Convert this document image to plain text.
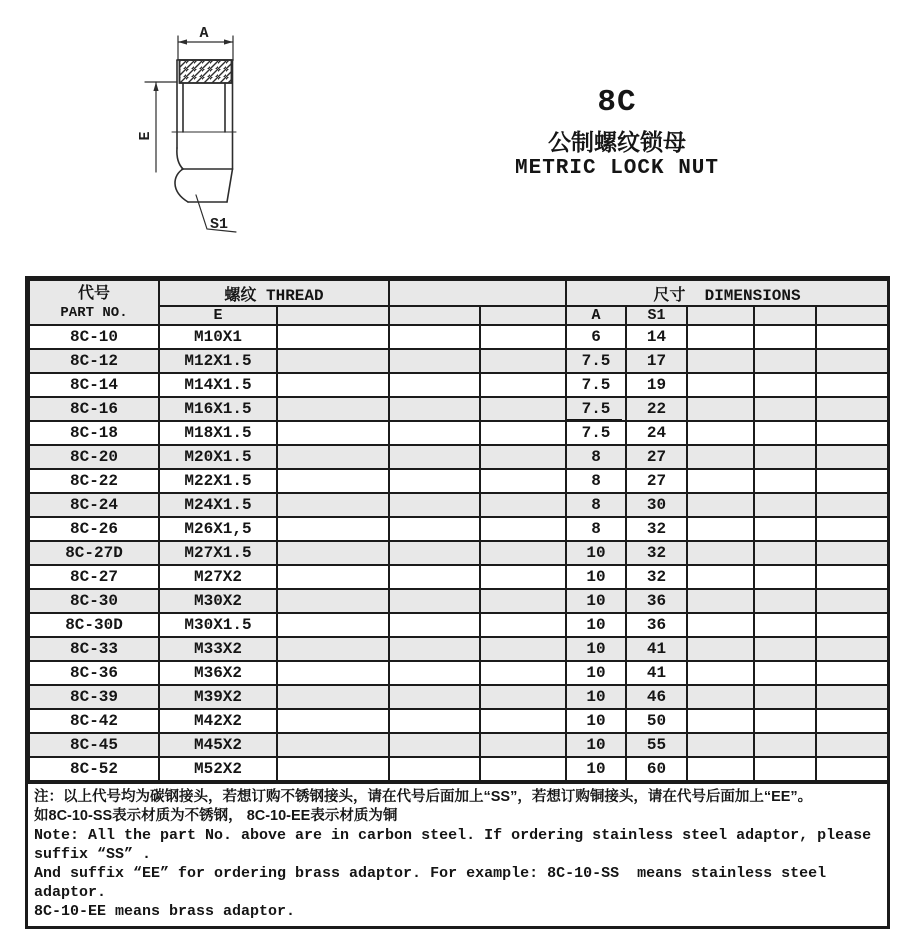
A
E
S1
8C
公制螺纹锁母
METRIC LOCK NUT
代号
PART NO.	螺纹 THREAD				尺寸  DIMENSIONS				
	E				A	S1			
8C-10	M10X1				6	14			
8C-12	M12X1.5				7.5	17			
8C-14	M14X1.5				7.5	19			
8C-16	M16X1.5				7.5	22			
8C-18	M18X1.5				7.5	24			
8C-20	M20X1.5				8	27			
8C-22	M22X1.5				8	27			
8C-24	M24X1.5				8	30			
8C-26	M26X1,5				8	32			
8C-27D	M27X1.5				10	32			
8C-27	M27X2				10	32			
8C-30	M30X2				10	36			
8C-30D	M30X1.5				10	36			
8C-33	M33X2				10	41			
8C-36	M36X2				10	41			
8C-39	M39X2				10	46			
8C-42	M42X2				10	50			
8C-45	M45X2				10	55			
8C-52	M52X2				10	60			
注：以上代号均为碳钢接头，若想订购不锈钢接头，请在代号后面加上“SS”，若想订购铜接头，请在代号后面加上“EE”。
如8C-10-SS表示材质为不锈钢， 8C-10-EE表示材质为铜
Note: All the part No. above are in carbon steel. If ordering stainless steel adaptor, please suffix “SS” .
And suffix “EE” for ordering brass adaptor. For example: 8C-10-SS  means stainless steel adaptor.
8C-10-EE means brass adaptor.
